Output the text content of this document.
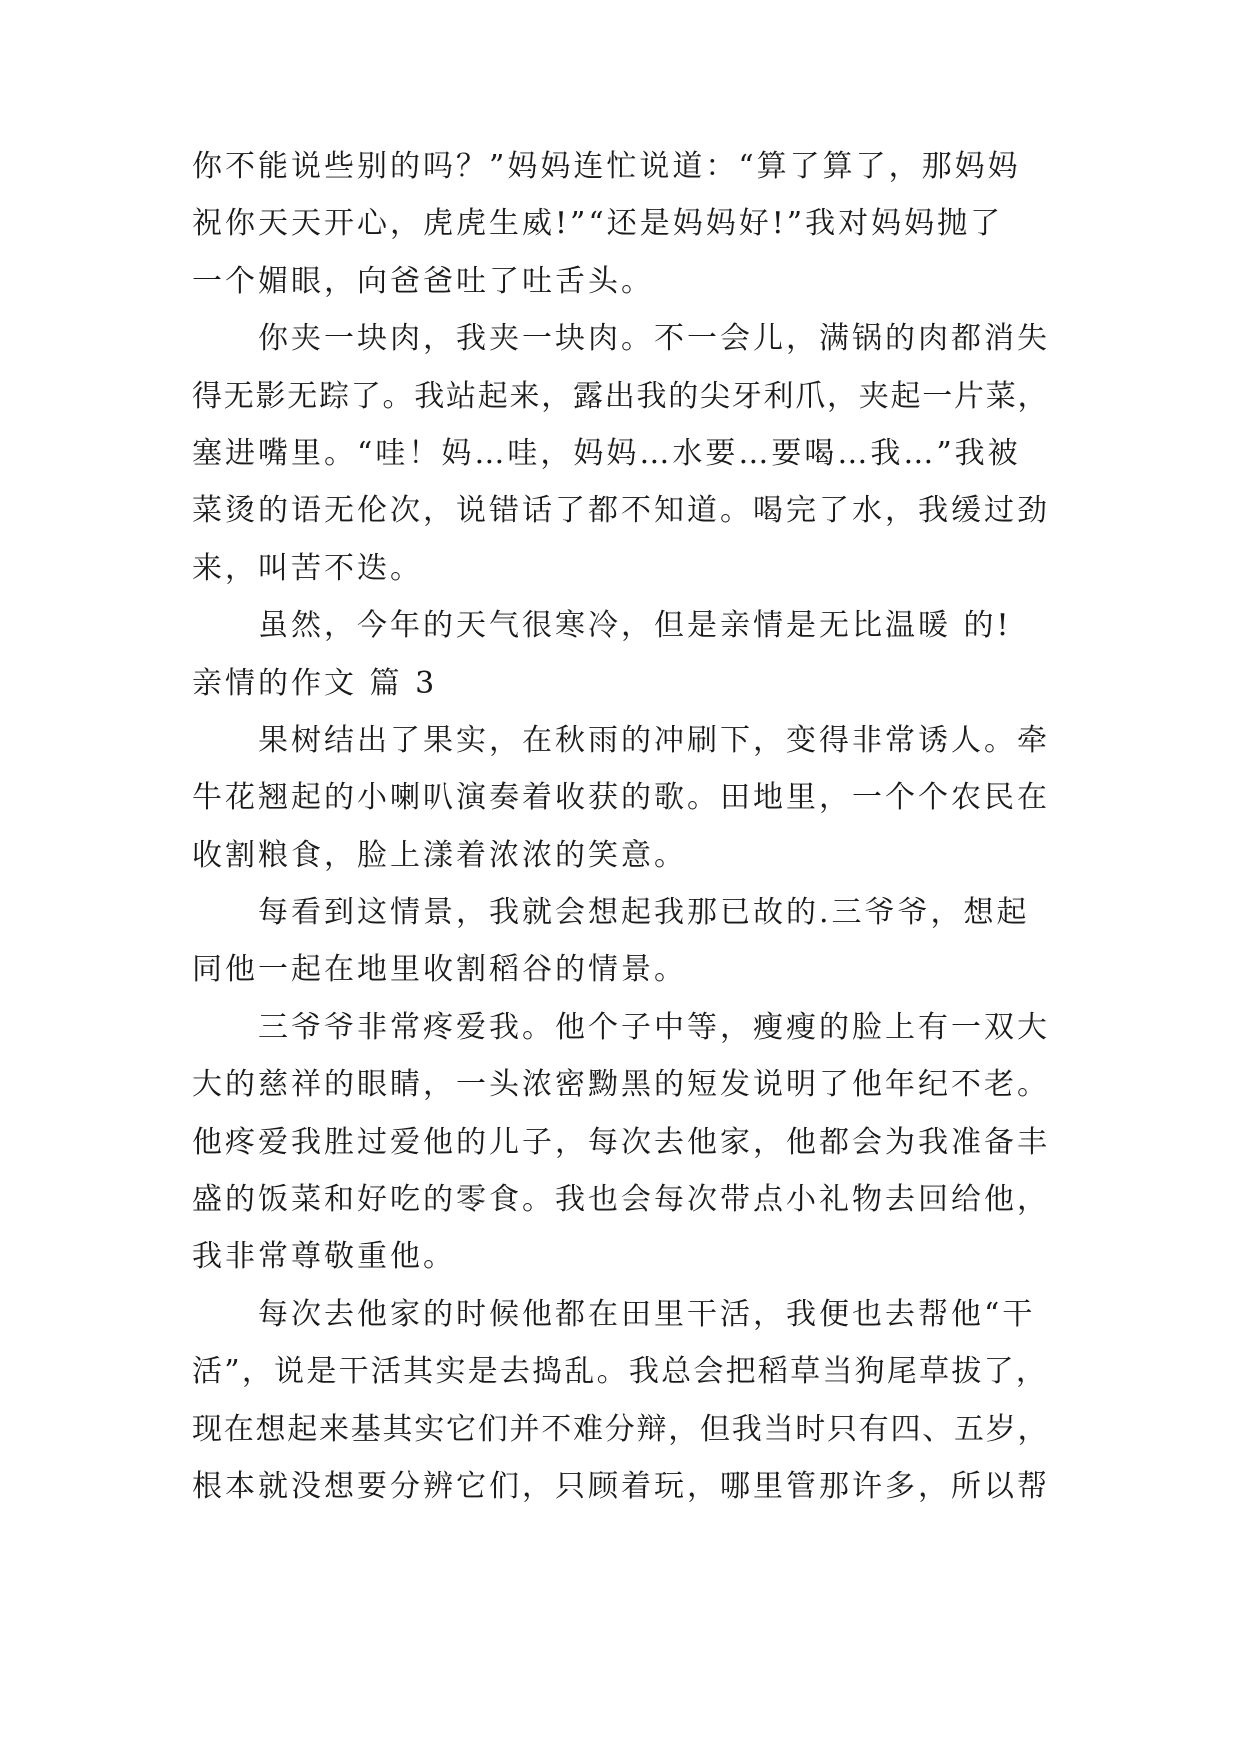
你不能说些别的吗？”妈妈连忙说道：“算了算了，那妈妈
祝你天天开心，虎虎生威!”“还是妈妈好!”我对妈妈抛了
一个媚眼，向爸爸吐了吐舌头。
你夹一块肉，我夹一块肉。不一会儿，满锅的肉都消失
得无影无踪了。我站起来，露出我的尖牙利爪，夹起一片菜，
塞进嘴里。“哇！妈…哇，妈妈…水要…要喝…我…”我被
菜烫的语无伦次，说错话了都不知道。喝完了水，我缓过劲
来，叫苦不迭。
虽然，今年的天气很寒冷，但是亲情是无比温暖 的!
亲情的作文 篇 3
果树结出了果实，在秋雨的冲刷下，变得非常诱人。牵
牛花翘起的小喇叭演奏着收获的歌。田地里，一个个农民在
收割粮食，脸上漾着浓浓的笑意。
每看到这情景，我就会想起我那已故的.三爷爷，想起
同他一起在地里收割稻谷的情景。
三爷爷非常疼爱我。他个子中等，瘦瘦的脸上有一双大
大的慈祥的眼睛，一头浓密黝黑的短发说明了他年纪不老。
他疼爱我胜过爱他的儿子，每次去他家，他都会为我准备丰
盛的饭菜和好吃的零食。我也会每次带点小礼物去回给他，
我非常尊敬重他。
每次去他家的时候他都在田里干活，我便也去帮他“干
活”，说是干活其实是去捣乱。我总会把稻草当狗尾草拔了，
现在想起来基其实它们并不难分辩，但我当时只有四、五岁，
根本就没想要分辨它们，只顾着玩，哪里管那许多，所以帮
